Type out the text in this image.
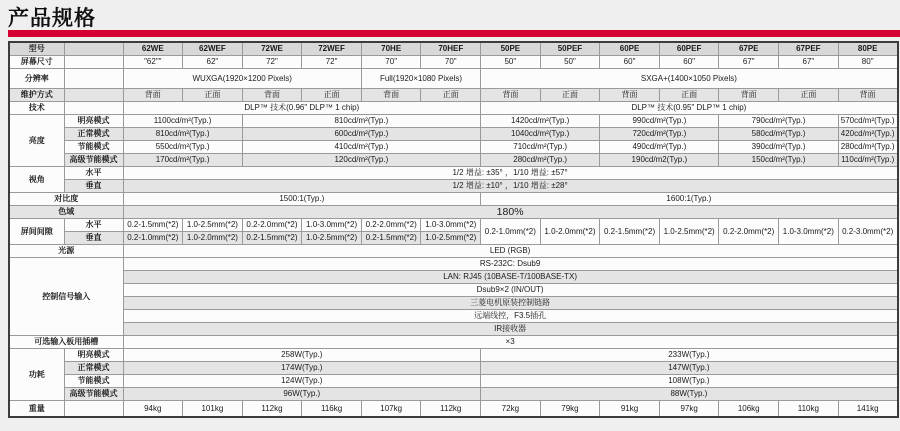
产品规格
型号		62WE	62WEF	72WE	72WEF	70HE	70HEF	50PE	50PEF	60PE	60PEF	67PE	67PEF	80PE
屏幕尺寸		"62""	62"	72"	72"	70"	70"	50"	50"	60"	60"	67"	67"	80"
分辨率		WUXGA(1920×1200 Pixels)				Full(1920×1080 Pixels)		SXGA+(1400×1050 Pixels)						
维护方式		背面	正面	背面	正面	背面	正面	背面	正面	背面	正面	背面	正面	背面
技术		DLP™ 技术(0.96" DLP™ 1 chip)						DLP™ 技术(0.95" DLP™ 1 chip)						
亮度	明亮模式	1100cd/m²(Typ.)		810cd/m²(Typ.)				1420cd/m²(Typ.)		990cd/m²(Typ.)		790cd/m²(Typ.)		570cd/m²(Typ.)
	正常模式	810cd/m²(Typ.)		600cd/m²(Typ.)				1040cd/m²(Typ.)		720cd/m²(Typ.)		580cd/m²(Typ.)		420cd/m²(Typ.)
	节能模式	550cd/m²(Typ.)		410cd/m²(Typ.)				710cd/m²(Typ.)		490cd/m²(Typ.)		390cd/m²(Typ.)		280cd/m²(Typ.)
	高级节能模式	170cd/m²(Typ.)		120cd/m²(Typ.)				280cd/m²(Typ.)		190cd/m2(Typ.)		150cd/m²(Typ.)		110cd/m²(Typ.)
视角	水平	1/2 增益: ±35° ，1/10 增益: ±57°												
	垂直	1/2 增益: ±10° ，1/10 增益: ±28°												
对比度		1500:1(Typ.)						1600:1(Typ.)						
色域		180%												
屏间间隙	水平	0.2-1.5mm(*2)	1.0-2.5mm(*2)	0.2-2.0mm(*2)	1.0-3.0mm(*2)	0.2-2.0mm(*2)	1.0-3.0mm(*2)	0.2-1.0mm(*2)	1.0-2.0mm(*2)	0.2-1.5mm(*2)	1.0-2.5mm(*2)	0.2-2.0mm(*2)	1.0-3.0mm(*2)	0.2-3.0mm(*2)
	垂直	0.2-1.0mm(*2)	1.0-2.0mm(*2)	0.2-1.5mm(*2)	1.0-2.5mm(*2)	0.2-1.5mm(*2)	1.0-2.5mm(*2)							
光源		LED (RGB)												
控制信号输入		RS-232C: Dsub9												
		LAN: RJ45 (10BASE-T/100BASE-TX)												
		Dsub9×2 (IN/OUT)												
		三菱电机原装控制链路												
		远端线控，F3.5插孔												
		IR接收器												
可选输入板用插槽		×3												
功耗	明亮模式	258W(Typ.)						233W(Typ.)						
	正常模式	174W(Typ.)						147W(Typ.)						
	节能模式	124W(Typ.)						108W(Typ.)						
	高级节能模式	96W(Typ.)						88W(Typ.)						
重量		94kg	101kg	112kg	116kg	107kg	112kg	72kg	79kg	91kg	97kg	106kg	110kg	141kg
